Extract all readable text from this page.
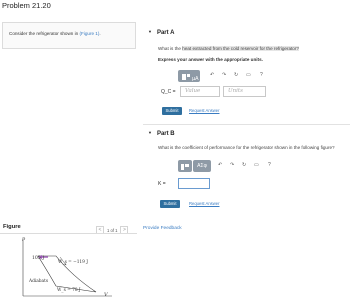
Problem 21.20
Consider the refrigerator shown in (Figure 1).
Figure	< 1 of 1 >
p
V
105 J
W_s = −119 J
Adiabats
W_s = 78 J
▼ Part A
What is the heat extracted from the cold reservoir for the refrigerator?
Express your answer with the appropriate units.
μA
↶ ↷ ↻ ▭ ?
Q_C =	Value	Units
Submit	Request Answer
▼ Part B
What is the coefficient of performance for the refrigerator shown in the following figure?
ΑΣφ	↶ ↷ ↻ ▭ ?
K =
Submit	Request Answer
Provide Feedback
